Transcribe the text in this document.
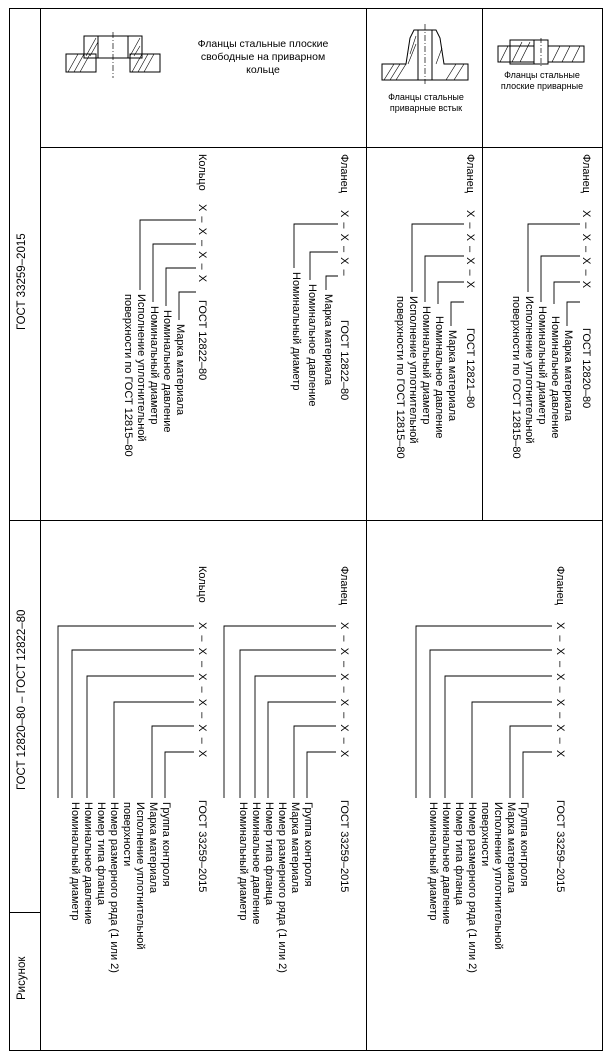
ГОСТ 33259–2015
ГОСТ 12820–80 – ГОСТ 12822–80
Рисунок
Фланцы стальные плоские свободные на приварном кольце
Фланцы стальные приварные встык
Фланцы стальные плоские приварные
Фланец
Х – Х – Х – Х
ГОСТ 12820–80
Марка материала
Номинальное давление
Номинальный диаметр
Исполнение уплотнительной
поверхности по ГОСТ 12815–80
Фланец
Х – Х – Х – Х
ГОСТ 12821–80
Марка материала
Номинальное давление
Номинальный диаметр
Исполнение уплотнительной
поверхности по ГОСТ 12815–80
Фланец
Х – Х – Х –
ГОСТ 12822–80
Марка материала
Номинальное давление
Номинальный диаметр
Кольцо
Х – Х – Х – Х
ГОСТ 12822–80
Марка материала
Номинальное давление
Номинальный диаметр
Исполнение уплотнительной
поверхности по ГОСТ 12815–80
Фланец
Х – Х – Х – Х – Х – Х
ГОСТ 33259–2015
Группа контроля
Марка материала
Исполнение уплотнительной
поверхности
Номер размерного ряда (1 или 2)
Номер типа фланца
Номинальное давление
Номинальный диаметр
Фланец
Х – Х – Х – Х – Х – Х
ГОСТ 33259–2015
Группа контроля
Марка материала
Номер размерного ряда (1 или 2)
Номер типа фланца
Номинальное давление
Номинальный диаметр
Кольцо
Х – Х – Х – Х – Х – Х
ГОСТ 33259–2015
Группа контроля
Марка материала
Исполнение уплотнительной
поверхности
Номер размерного ряда (1 или 2)
Номер типа фланца
Номинальное давление
Номинальный диаметр
